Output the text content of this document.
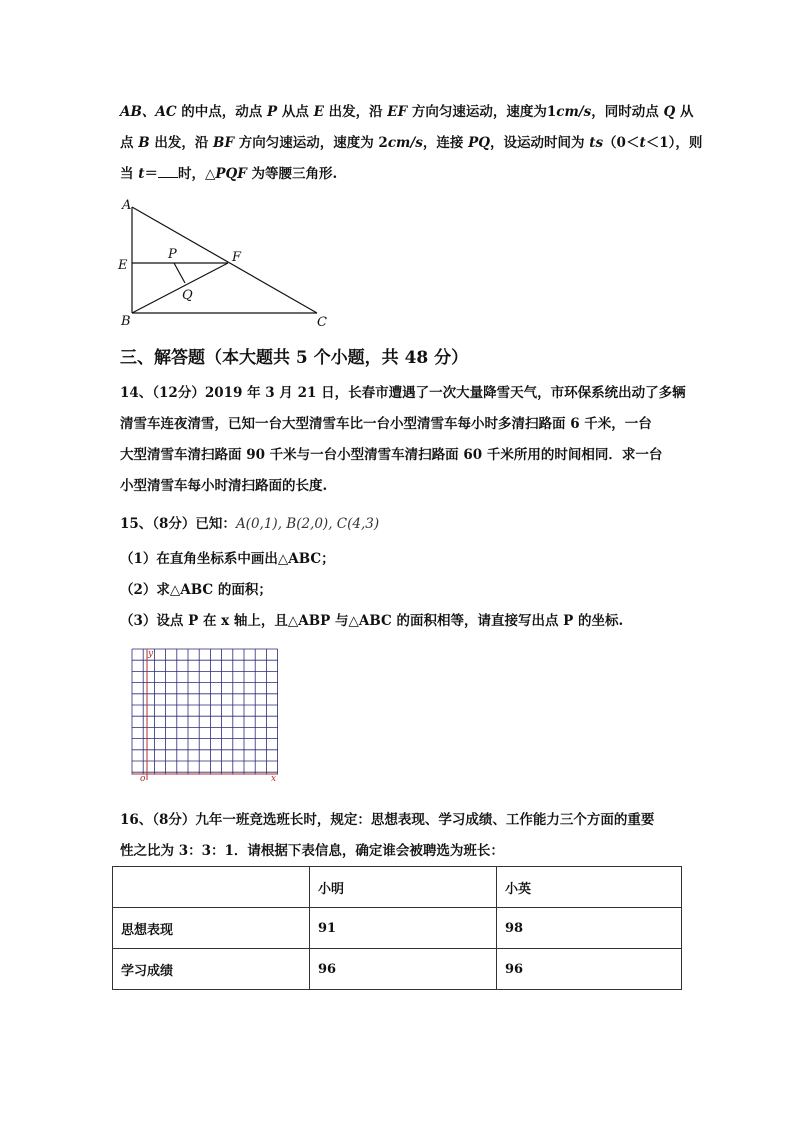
AB、AC 的中点，动点 P 从点 E 出发，沿 EF 方向匀速运动，速度为1cm/s，同时动点 Q 从
点 B 出发，沿 BF 方向匀速运动，速度为 2cm/s，连接 PQ，设运动时间为 ts（0＜t＜1），则
当 t＝ 时，△PQF 为等腰三角形.
A
E
B	C
F
P
Q
三、解答题（本大题共 5 个小题，共 48 分）
14、（12分）2019 年 3 月 21 日，长春市遭遇了一次大量降雪天气，市环保系统出动了多辆
清雪车连夜清雪，已知一台大型清雪车比一台小型清雪车每小时多清扫路面 6 千米，一台
大型清雪车清扫路面 90 千米与一台小型清雪车清扫路面 60 千米所用的时间相同．求一台
小型清雪车每小时清扫路面的长度.
15、（8分）已知：A(0,1), B(2,0), C(4,3)
（1）在直角坐标系中画出△ABC；
（2）求△ABC 的面积；
（3）设点 P 在 x 轴上，且△ABP 与△ABC 的面积相等，请直接写出点 P 的坐标.
y
o	x
16、（8分）九年一班竞选班长时，规定：思想表现、学习成绩、工作能力三个方面的重要
性之比为 3：3：1．请根据下表信息，确定谁会被聘选为班长：
	小明	小英
思想表现	91	98
学习成绩	96	96
